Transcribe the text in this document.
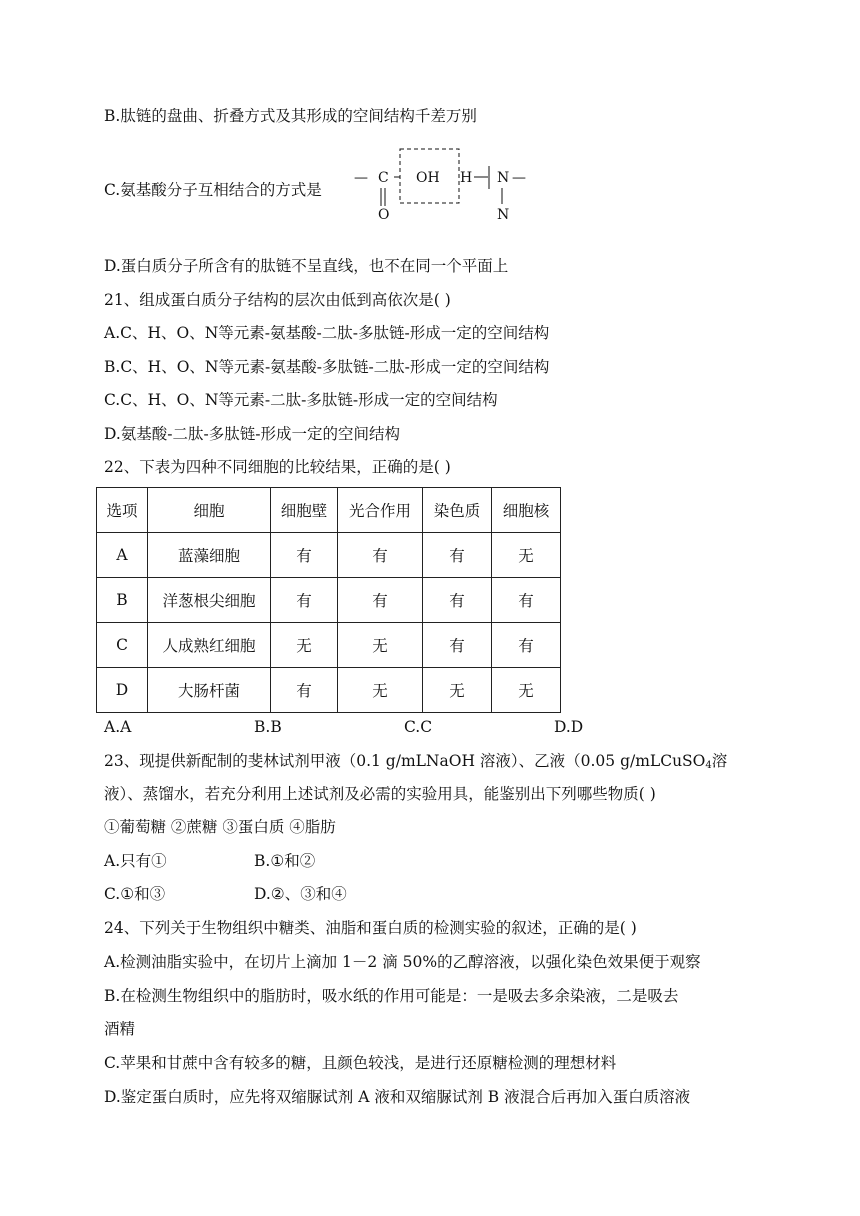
B.肽链的盘曲、折叠方式及其形成的空间结构千差万别
C.氨基酸分子互相结合的方式是
— C OH H N —
O	N
D.蛋白质分子所含有的肽链不呈直线，也不在同一个平面上
21、组成蛋白质分子结构的层次由低到高依次是( )
A.C、H、O、N等元素-氨基酸-二肽-多肽链-形成一定的空间结构
B.C、H、O、N等元素-氨基酸-多肽链-二肽-形成一定的空间结构
C.C、H、O、N等元素-二肽-多肽链-形成一定的空间结构
D.氨基酸-二肽-多肽链-形成一定的空间结构
22、下表为四种不同细胞的比较结果，正确的是( )
选项	细胞	细胞壁	光合作用	染色质	细胞核
A	蓝藻细胞	有	有	有	无
B	洋葱根尖细胞	有	有	有	有
C	人成熟红细胞	无	无	有	有
D	大肠杆菌	有	无	无	无
A.A	B.B	C.C	D.D
23、现提供新配制的斐林试剂甲液（0.1 g/mLNaOH 溶液）、乙液（0.05 g/mLCuSO$_4$溶
液）、蒸馏水，若充分利用上述试剂及必需的实验用具，能鉴别出下列哪些物质( )
①葡萄糖 ②蔗糖 ③蛋白质 ④脂肪
A.只有①	B.①和②
C.①和③	D.②、③和④
24、下列关于生物组织中糖类、油脂和蛋白质的检测实验的叙述，正确的是( )
A.检测油脂实验中，在切片上滴加 1－2 滴 50%的乙醇溶液，以强化染色效果便于观察
B.在检测生物组织中的脂肪时，吸水纸的作用可能是：一是吸去多余染液，二是吸去
酒精
C.苹果和甘蔗中含有较多的糖，且颜色较浅，是进行还原糖检测的理想材料
D.鉴定蛋白质时，应先将双缩脲试剂 A 液和双缩脲试剂 B 液混合后再加入蛋白质溶液
